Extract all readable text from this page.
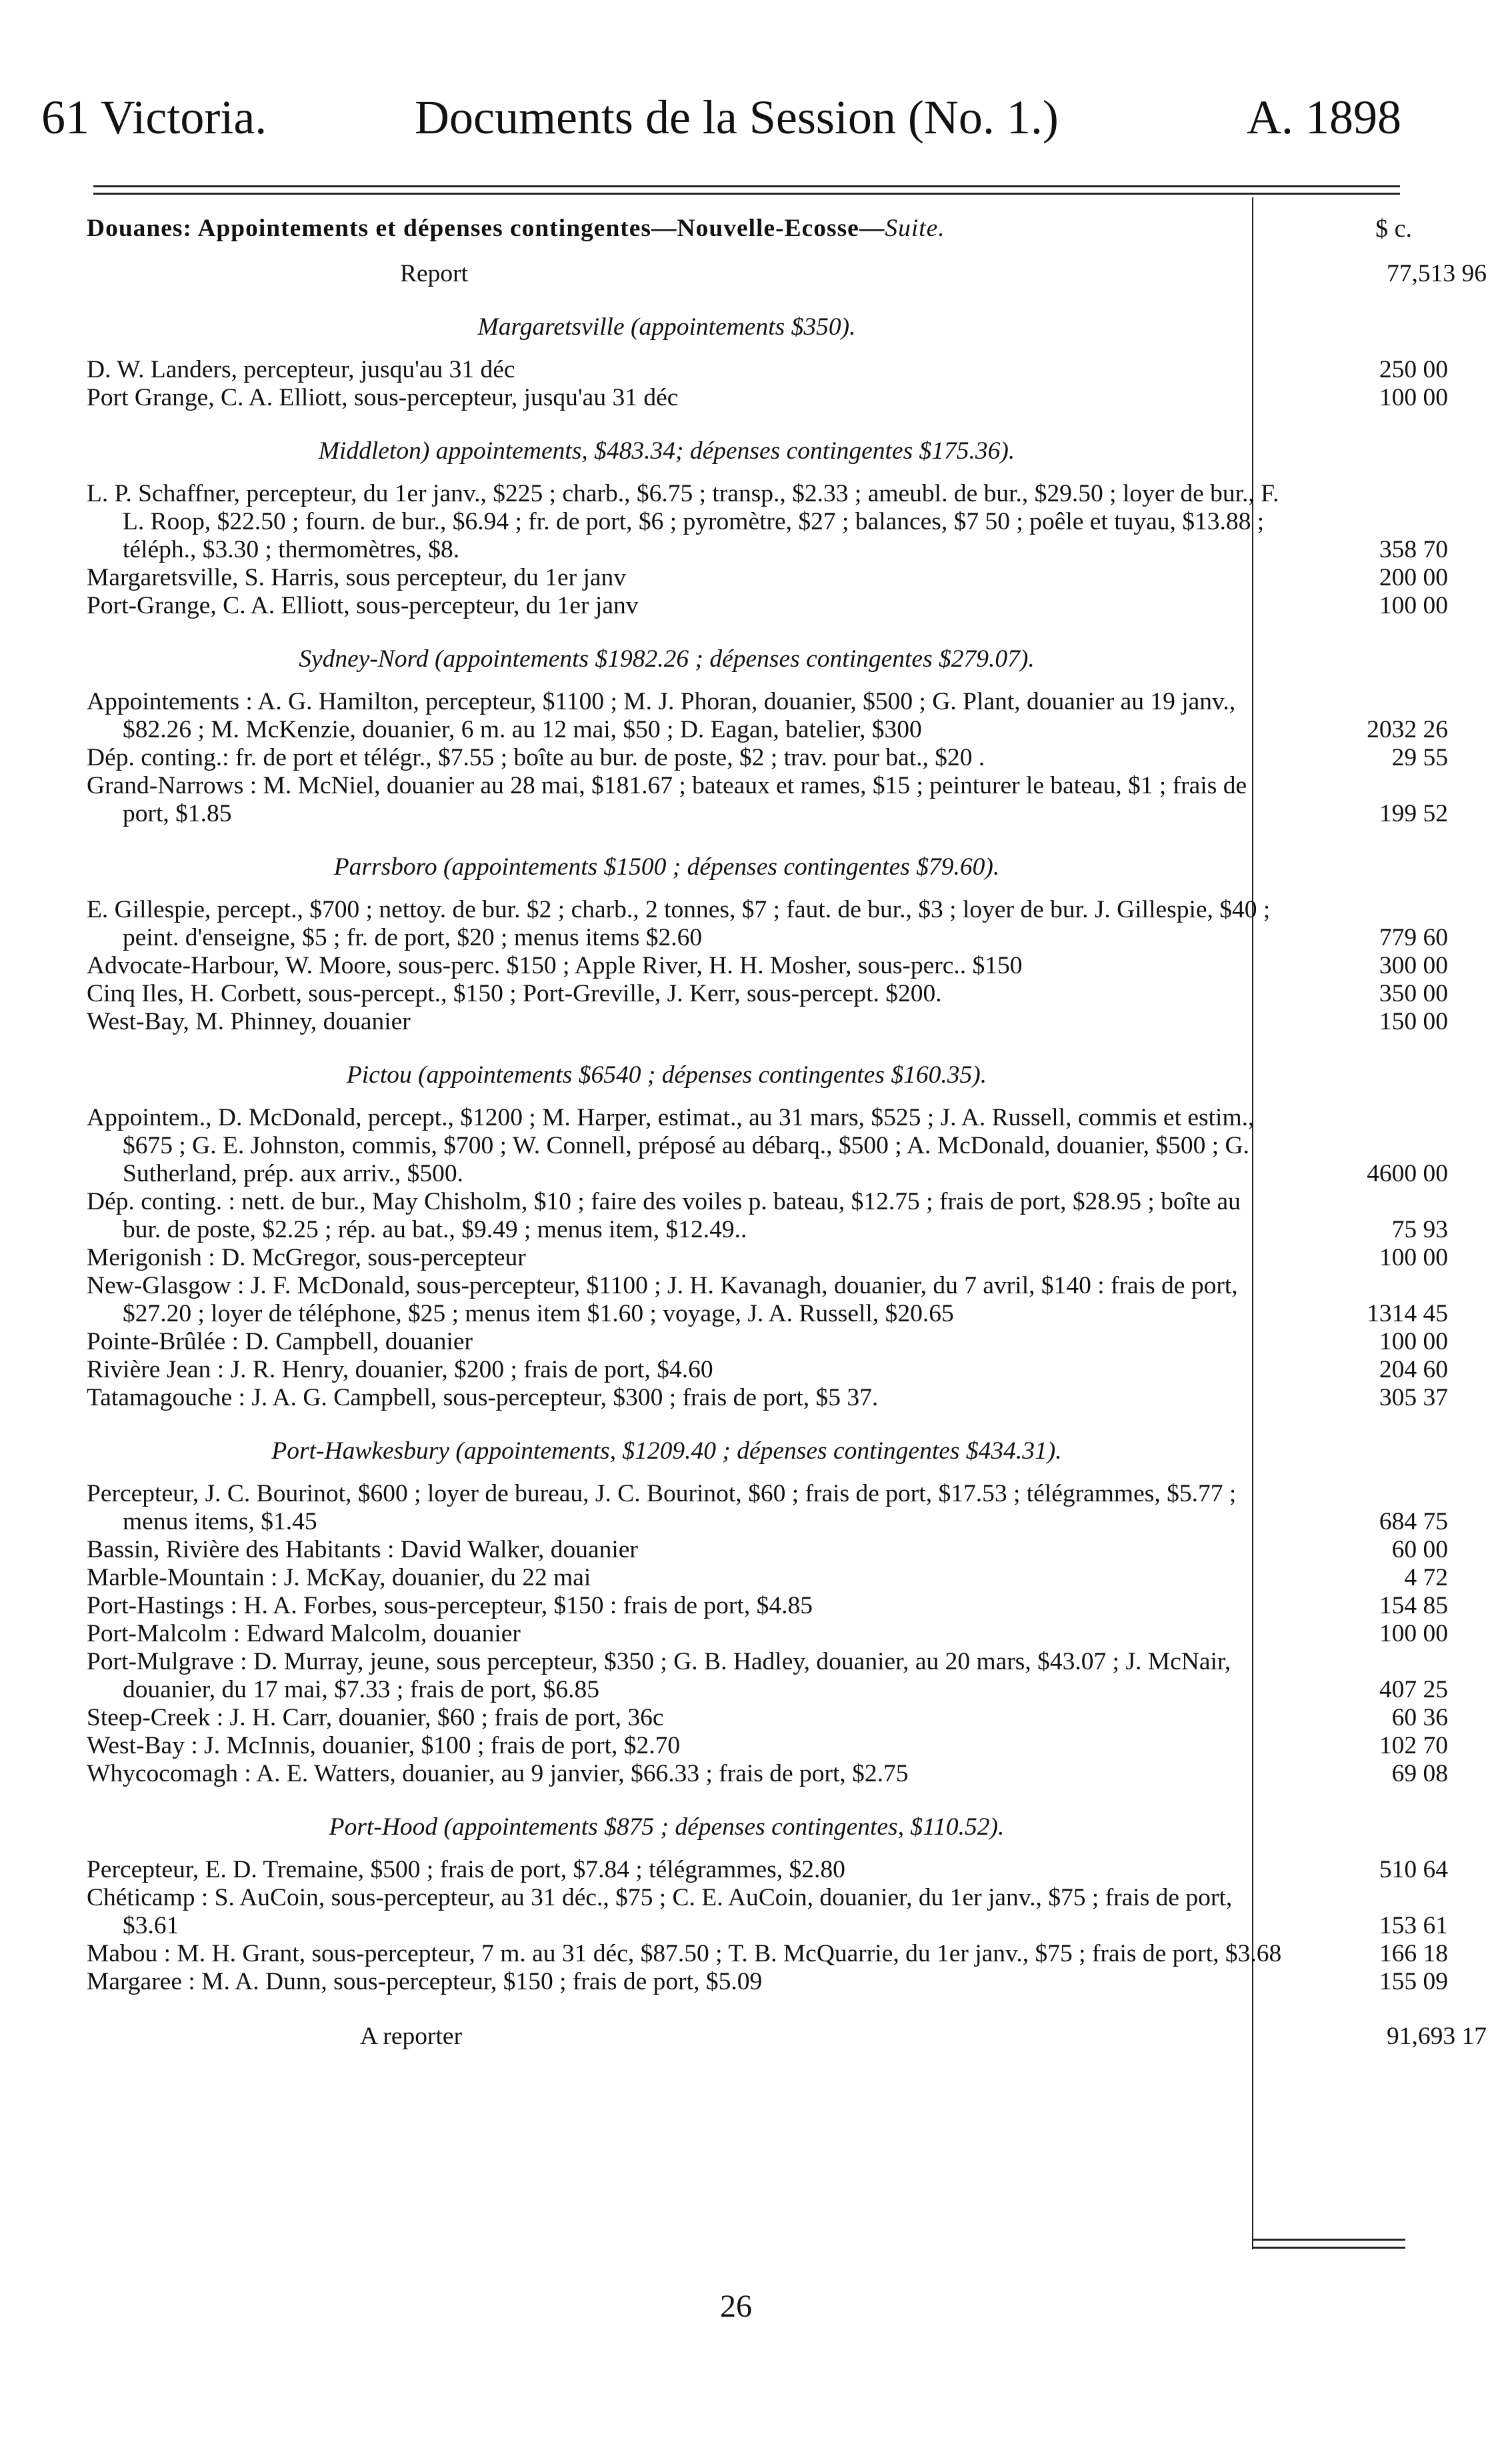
61 Victoria.	Documents de la Session (No. 1.)	A. 1898
Douanes: Appointements et dépenses contingentes—Nouvelle-Ecosse—Suite.	$ c.
Report	77,513 96
Margaretsville (appointements $350).
D. W. Landers, percepteur, jusqu'au 31 déc	250 00
Port Grange, C. A. Elliott, sous-percepteur, jusqu'au 31 déc	100 00
Middleton) appointements, $483.34; dépenses contingentes $175.36).
L. P. Schaffner, percepteur, du 1er janv., $225 ; charb., $6.75 ; transp., $2.33 ; ameubl. de bur., $29.50 ; loyer de bur., F. L. Roop, $22.50 ; fourn. de bur., $6.94 ; fr. de port, $6 ; pyromètre, $27 ; balances, $7 50 ; poêle et tuyau, $13.88 ; téléph., $3.30 ; thermomètres, $8.	358 70
Margaretsville, S. Harris, sous percepteur, du 1er janv	200 00
Port-Grange, C. A. Elliott, sous-percepteur, du 1er janv	100 00
Sydney-Nord (appointements $1982.26 ; dépenses contingentes $279.07).
Appointements : A. G. Hamilton, percepteur, $1100 ; M. J. Phoran, douanier, $500 ; G. Plant, douanier au 19 janv., $82.26 ; M. McKenzie, douanier, 6 m. au 12 mai, $50 ; D. Eagan, batelier, $300	2032 26
Dép. conting.: fr. de port et télégr., $7.55 ; boîte au bur. de poste, $2 ; trav. pour bat., $20 .	29 55
Grand-Narrows : M. McNiel, douanier au 28 mai, $181.67 ; bateaux et rames, $15 ; peinturer le bateau, $1 ; frais de port, $1.85	199 52
Parrsboro (appointements $1500 ; dépenses contingentes $79.60).
E. Gillespie, percept., $700 ; nettoy. de bur. $2 ; charb., 2 tonnes, $7 ; faut. de bur., $3 ; loyer de bur. J. Gillespie, $40 ; peint. d'enseigne, $5 ; fr. de port, $20 ; menus items $2.60	779 60
Advocate-Harbour, W. Moore, sous-perc. $150 ; Apple River, H. H. Mosher, sous-perc.. $150	300 00
Cinq Iles, H. Corbett, sous-percept., $150 ; Port-Greville, J. Kerr, sous-percept. $200.	350 00
West-Bay, M. Phinney, douanier	150 00
Pictou (appointements $6540 ; dépenses contingentes $160.35).
Appointem., D. McDonald, percept., $1200 ; M. Harper, estimat., au 31 mars, $525 ; J. A. Russell, commis et estim., $675 ; G. E. Johnston, commis, $700 ; W. Connell, préposé au débarq., $500 ; A. McDonald, douanier, $500 ; G. Sutherland, prép. aux arriv., $500.	4600 00
Dép. conting. : nett. de bur., May Chisholm, $10 ; faire des voiles p. bateau, $12.75 ; frais de port, $28.95 ; boîte au bur. de poste, $2.25 ; rép. au bat., $9.49 ; menus item, $12.49..	75 93
Merigonish : D. McGregor, sous-percepteur	100 00
New-Glasgow : J. F. McDonald, sous-percepteur, $1100 ; J. H. Kavanagh, douanier, du 7 avril, $140 : frais de port, $27.20 ; loyer de téléphone, $25 ; menus item $1.60 ; voyage, J. A. Russell, $20.65	1314 45
Pointe-Brûlée : D. Campbell, douanier	100 00
Rivière Jean : J. R. Henry, douanier, $200 ; frais de port, $4.60	204 60
Tatamagouche : J. A. G. Campbell, sous-percepteur, $300 ; frais de port, $5 37.	305 37
Port-Hawkesbury (appointements, $1209.40 ; dépenses contingentes $434.31).
Percepteur, J. C. Bourinot, $600 ; loyer de bureau, J. C. Bourinot, $60 ; frais de port, $17.53 ; télégrammes, $5.77 ; menus items, $1.45	684 75
Bassin, Rivière des Habitants : David Walker, douanier	60 00
Marble-Mountain : J. McKay, douanier, du 22 mai	4 72
Port-Hastings : H. A. Forbes, sous-percepteur, $150 : frais de port, $4.85	154 85
Port-Malcolm : Edward Malcolm, douanier	100 00
Port-Mulgrave : D. Murray, jeune, sous percepteur, $350 ; G. B. Hadley, douanier, au 20 mars, $43.07 ; J. McNair, douanier, du 17 mai, $7.33 ; frais de port, $6.85	407 25
Steep-Creek : J. H. Carr, douanier, $60 ; frais de port, 36c	60 36
West-Bay : J. McInnis, douanier, $100 ; frais de port, $2.70	102 70
Whycocomagh : A. E. Watters, douanier, au 9 janvier, $66.33 ; frais de port, $2.75	69 08
Port-Hood (appointements $875 ; dépenses contingentes, $110.52).
Percepteur, E. D. Tremaine, $500 ; frais de port, $7.84 ; télégrammes, $2.80	510 64
Chéticamp : S. AuCoin, sous-percepteur, au 31 déc., $75 ; C. E. AuCoin, douanier, du 1er janv., $75 ; frais de port, $3.61	153 61
Mabou : M. H. Grant, sous-percepteur, 7 m. au 31 déc, $87.50 ; T. B. McQuarrie, du 1er janv., $75 ; frais de port, $3.68	166 18
Margaree : M. A. Dunn, sous-percepteur, $150 ; frais de port, $5.09	155 09
A reporter	91,693 17
26
